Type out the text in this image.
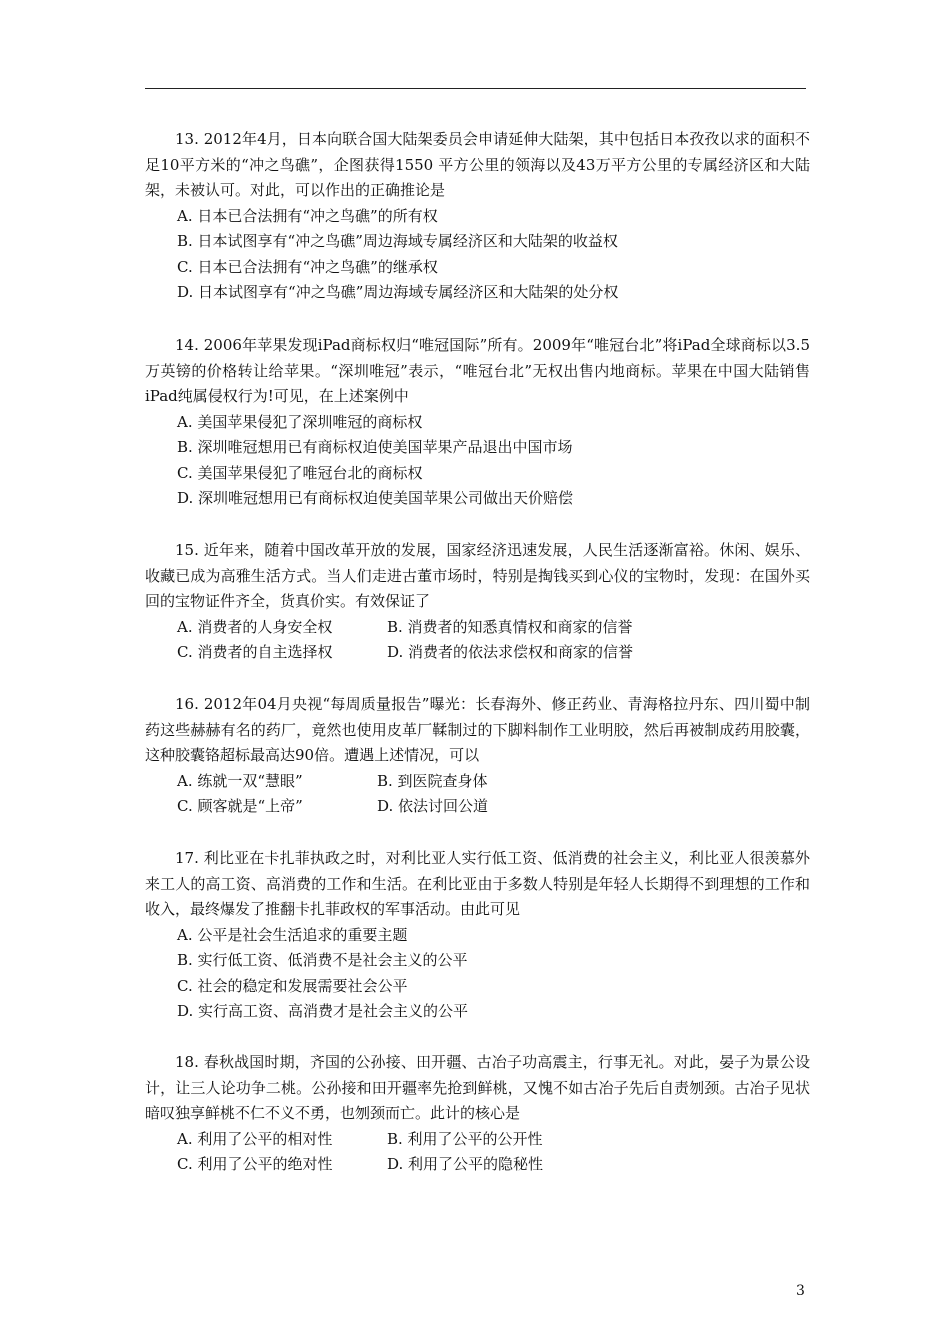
13. 2012年4月，日本向联合国大陆架委员会申请延伸大陆架，其中包括日本孜孜以求的面积不足10平方米的“冲之鸟礁”，企图获得1550 平方公里的领海以及43万平方公里的专属经济区和大陆架，未被认可。对此，可以作出的正确推论是

A. 日本已合法拥有“冲之鸟礁”的所有权
B. 日本试图享有“冲之鸟礁”周边海域专属经济区和大陆架的收益权
C. 日本已合法拥有“冲之鸟礁”的继承权
D. 日本试图享有“冲之鸟礁”周边海域专属经济区和大陆架的处分权

14. 2006年苹果发现iPad商标权归“唯冠国际”所有。2009年“唯冠台北”将iPad全球商标以3.5万英镑的价格转让给苹果。“深圳唯冠”表示，“唯冠台北”无权出售内地商标。苹果在中国大陆销售iPad纯属侵权行为!可见，在上述案例中

A. 美国苹果侵犯了深圳唯冠的商标权
B. 深圳唯冠想用已有商标权迫使美国苹果产品退出中国市场
C. 美国苹果侵犯了唯冠台北的商标权
D. 深圳唯冠想用已有商标权迫使美国苹果公司做出天价赔偿

15. 近年来，随着中国改革开放的发展，国家经济迅速发展，人民生活逐渐富裕。休闲、娱乐、收藏已成为高雅生活方式。当人们走进古董市场时，特别是掏钱买到心仪的宝物时，发现：在国外买回的宝物证件齐全，货真价实。有效保证了

A. 消费者的人身安全权	B. 消费者的知悉真情权和商家的信誉
C. 消费者的自主选择权	D. 消费者的依法求偿权和商家的信誉

16. 2012年04月央视“每周质量报告”曝光：长春海外、修正药业、青海格拉丹东、四川蜀中制药这些赫赫有名的药厂，竟然也使用皮革厂鞣制过的下脚料制作工业明胶，然后再被制成药用胶囊，这种胶囊铬超标最高达90倍。遭遇上述情况，可以

A. 练就一双“慧眼”	B. 到医院查身体
C. 顾客就是“上帝”	D. 依法讨回公道

17. 利比亚在卡扎菲执政之时，对利比亚人实行低工资、低消费的社会主义，利比亚人很羡慕外来工人的高工资、高消费的工作和生活。在利比亚由于多数人特别是年轻人长期得不到理想的工作和收入，最终爆发了推翻卡扎菲政权的军事活动。由此可见

A. 公平是社会生活追求的重要主题
B. 实行低工资、低消费不是社会主义的公平
C. 社会的稳定和发展需要社会公平
D. 实行高工资、高消费才是社会主义的公平

18. 春秋战国时期，齐国的公孙接、田开疆、古冶子功高震主，行事无礼。对此，晏子为景公设计，让三人论功争二桃。公孙接和田开疆率先抢到鲜桃，又愧不如古冶子先后自责刎颈。古冶子见状暗叹独享鲜桃不仁不义不勇，也刎颈而亡。此计的核心是

A. 利用了公平的相对性	B. 利用了公平的公开性
C. 利用了公平的绝对性	D. 利用了公平的隐秘性
3
